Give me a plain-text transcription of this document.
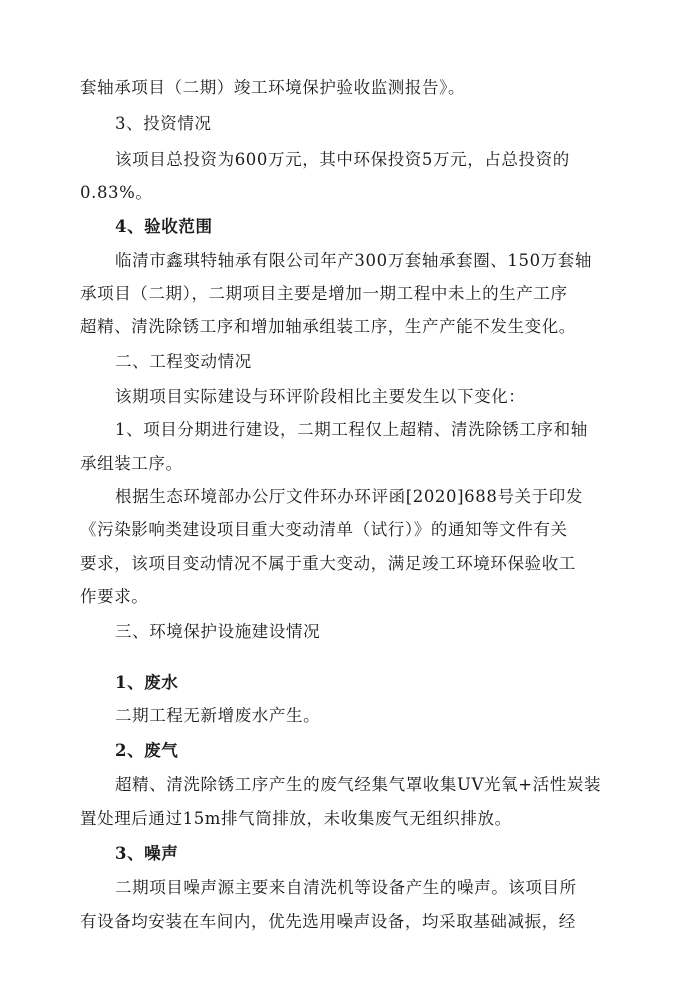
套轴承项目（二期）竣工环境保护验收监测报告》。
3、投资情况
该项目总投资为600万元，其中环保投资5万元，占总投资的
0.83%。
4、验收范围
临清市鑫琪特轴承有限公司年产300万套轴承套圈、150万套轴
承项目（二期），二期项目主要是增加一期工程中未上的生产工序
超精、清洗除锈工序和增加轴承组装工序，生产产能不发生变化。
二、工程变动情况
该期项目实际建设与环评阶段相比主要发生以下变化：
1、项目分期进行建设，二期工程仅上超精、清洗除锈工序和轴
承组装工序。
根据生态环境部办公厅文件环办环评函[2020]688号关于印发
《污染影响类建设项目重大变动清单（试行）》的通知等文件有关
要求，该项目变动情况不属于重大变动，满足竣工环境环保验收工
作要求。
三、环境保护设施建设情况
1、废水
二期工程无新增废水产生。
2、废气
超精、清洗除锈工序产生的废气经集气罩收集UV光氧+活性炭装
置处理后通过15m排气筒排放，未收集废气无组织排放。
3、噪声
二期项目噪声源主要来自清洗机等设备产生的噪声。该项目所
有设备均安装在车间内，优先选用噪声设备，均采取基础减振，经
